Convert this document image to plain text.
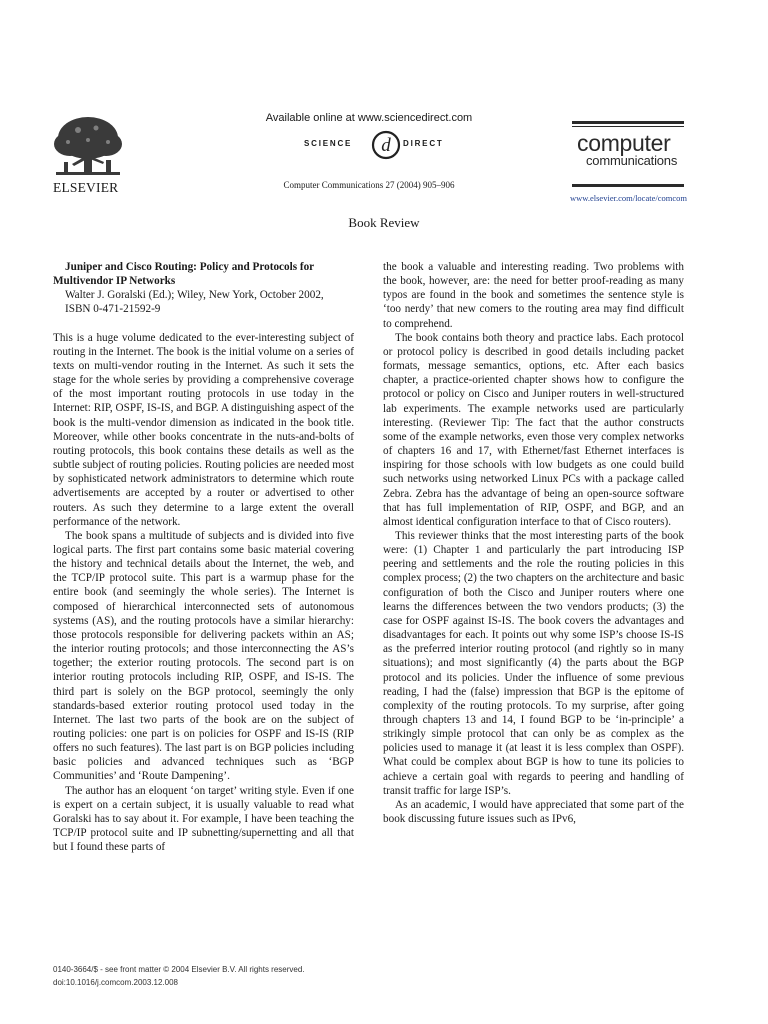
ELSEVIER
Available online at www.sciencedirect.com
SCIENCE d DIRECT
Computer Communications 27 (2004) 905–906
computer
communications
www.elsevier.com/locate/comcom
Book Review

Juniper and Cisco Routing: Policy and Protocols for Multivendor IP Networks

Walter J. Goralski (Ed.); Wiley, New York, October 2002,

ISBN 0-471-21592-9

This is a huge volume dedicated to the ever-interesting subject of routing in the Internet. The book is the initial volume on a series of texts on multi-vendor routing in the Internet. As such it sets the stage for the whole series by providing a comprehensive coverage of the most important routing protocols in use today in the Internet: RIP, OSPF, IS-IS, and BGP. A distinguishing aspect of the book is the multi-vendor dimension as indicated in the book title. Moreover, while other books concentrate in the nuts-and-bolts of routing protocols, this book contains these details as well as the subtle subject of routing policies. Routing policies are needed most by sophisticated network administrators to determine which route advertisements are accepted by a router or advertised to other routers. As such they determine to a large extent the overall performance of the network.

The book spans a multitude of subjects and is divided into five logical parts. The first part contains some basic material covering the history and technical details about the Internet, the web, and the TCP/IP protocol suite. This part is a warmup phase for the entire book (and seemingly the whole series). The Internet is composed of hierarchical interconnected sets of autonomous systems (AS), and the routing protocols have a similar hierarchy: those protocols responsible for delivering packets within an AS; the interior routing protocols; and those interconnecting the AS’s together; the exterior routing protocols. The second part is on interior routing protocols including RIP, OSPF, and IS-IS. The third part is solely on the BGP protocol, seemingly the only standards-based exterior routing protocol used today in the Internet. The last two parts of the book are on the subject of routing policies: one part is on policies for OSPF and IS-IS (RIP offers no such features). The last part is on BGP policies including basic policies and advanced techniques such as ‘BGP Communities’ and ‘Route Dampening’.

The author has an eloquent ‘on target’ writing style. Even if one is expert on a certain subject, it is usually valuable to read what Goralski has to say about it. For example, I have been teaching the TCP/IP protocol suite and IP subnetting/supernetting and all that but I found these parts of

the book a valuable and interesting reading. Two problems with the book, however, are: the need for better proof-reading as many typos are found in the book and sometimes the sentence style is ‘too nerdy’ that new comers to the routing area may find difficult to comprehend.

The book contains both theory and practice labs. Each protocol or protocol policy is described in good details including packet formats, message semantics, options, etc. After each basics chapter, a practice-oriented chapter shows how to configure the protocol or policy on Cisco and Juniper routers in well-structured lab experiments. The example networks used are particularly interesting. (Reviewer Tip: The fact that the author constructs some of the example networks, even those very complex networks of chapters 16 and 17, with Ethernet/fast Ethernet interfaces is inspiring for those schools with low budgets as one could build such networks using networked Linux PCs with a package called Zebra. Zebra has the advantage of being an open-source software that has full implementation of RIP, OSPF, and BGP, and an almost identical configuration interface to that of Cisco routers).

This reviewer thinks that the most interesting parts of the book were: (1) Chapter 1 and particularly the part introducing ISP peering and settlements and the role the routing policies in this complex process; (2) the two chapters on the architecture and basic configuration of both the Cisco and Juniper routers where one learns the differences between the two vendors products; (3) the case for OSPF against IS-IS. The book covers the advantages and disadvantages for each. It points out why some ISP’s choose IS-IS as the preferred interior routing protocol (and rightly so in many situations); and most significantly (4) the parts about the BGP protocol and its policies. Under the influence of some previous reading, I had the (false) impression that BGP is the epitome of complexity of the routing protocols. To my surprise, after going through chapters 13 and 14, I found BGP to be ‘in-principle’ a strikingly simple protocol that can only be as complex as the policies used to manage it (at least it is less complex than OSPF). What could be complex about BGP is how to tune its policies to achieve a certain goal with regards to peering and handling of transit traffic for large ISP’s.

As an academic, I would have appreciated that some part of the book discussing future issues such as IPv6,

0140-3664/$ - see front matter © 2004 Elsevier B.V. All rights reserved.
doi:10.1016/j.comcom.2003.12.008
